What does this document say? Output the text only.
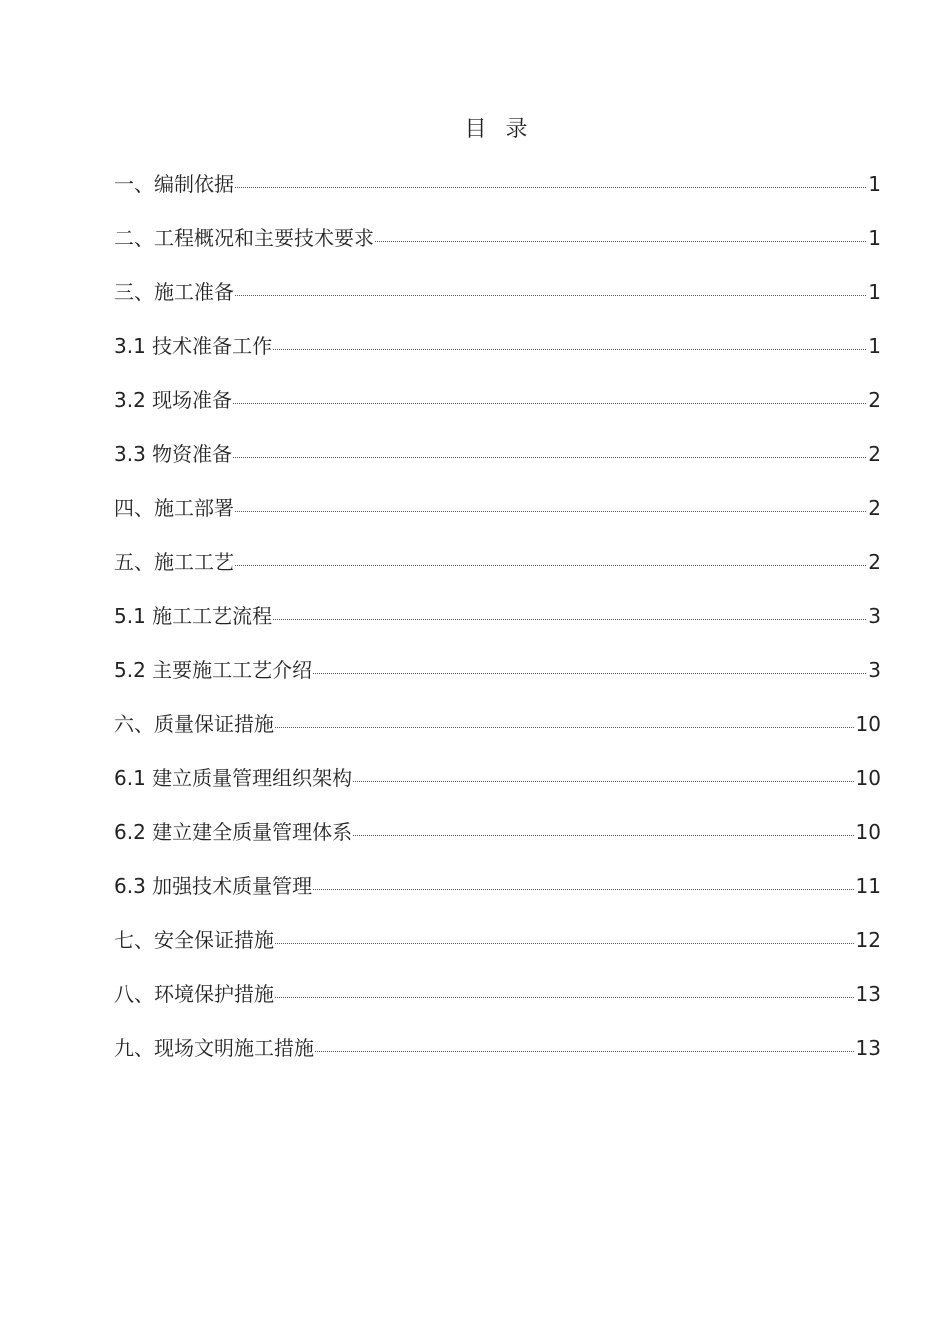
目 录
一、编制依据	1
二、工程概况和主要技术要求	1
三、施工准备	1
3.1 技术准备工作	1
3.2 现场准备	2
3.3 物资准备	2
四、施工部署	2
五、施工工艺	2
5.1 施工工艺流程	3
5.2 主要施工工艺介绍	3
六、质量保证措施	10
6.1 建立质量管理组织架构	10
6.2 建立建全质量管理体系	10
6.3 加强技术质量管理	11
七、安全保证措施	12
八、环境保护措施	13
九、现场文明施工措施	13
